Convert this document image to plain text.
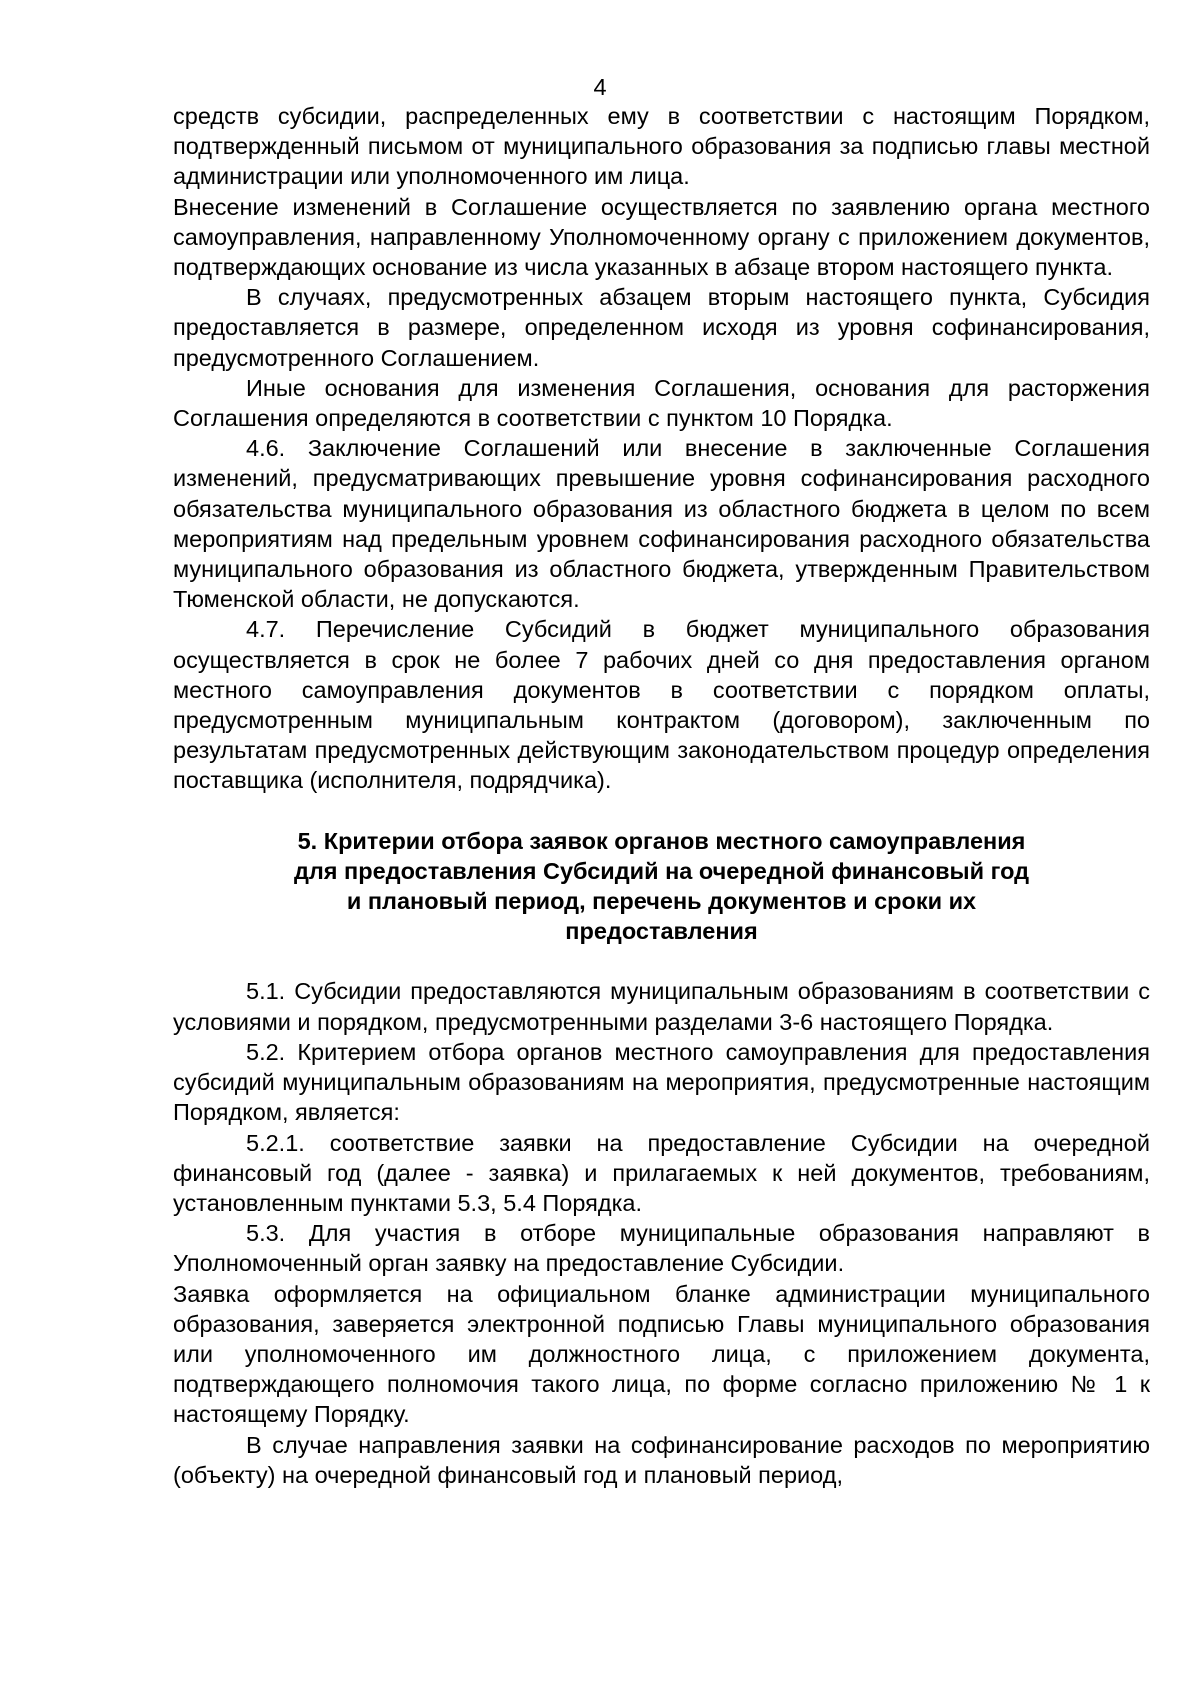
4

средств субсидии, распределенных ему в соответствии с настоящим Порядком, подтвержденный письмом от муниципального образования за подписью главы местной администрации или уполномоченного им лица.

Внесение изменений в Соглашение осуществляется по заявлению органа местного самоуправления, направленному Уполномоченному органу с приложением документов, подтверждающих основание из числа указанных в абзаце втором настоящего пункта.

В случаях, предусмотренных абзацем вторым настоящего пункта, Субсидия предоставляется в размере, определенном исходя из уровня софинансирования, предусмотренного Соглашением.

Иные основания для изменения Соглашения, основания для расторжения Соглашения определяются в соответствии с пунктом 10 Порядка.

4.6. Заключение Соглашений или внесение в заключенные Соглашения изменений, предусматривающих превышение уровня софинансирования расходного обязательства муниципального образования из областного бюджета в целом по всем мероприятиям над предельным уровнем софинансирования расходного обязательства муниципального образования из областного бюджета, утвержденным Правительством Тюменской области, не допускаются.

4.7. Перечисление Субсидий в бюджет муниципального образования осуществляется в срок не более 7 рабочих дней со дня предоставления органом местного самоуправления документов в соответствии с порядком оплаты, предусмотренным муниципальным контрактом (договором), заключенным по результатам предусмотренных действующим законодательством процедур определения поставщика (исполнителя, подрядчика).

5. Критерии отбора заявок органов местного самоуправления
для предоставления Субсидий на очередной финансовый год
и плановый период, перечень документов и сроки их
предоставления

5.1. Субсидии предоставляются муниципальным образованиям в соответствии с условиями и порядком, предусмотренными разделами 3-6 настоящего Порядка.

5.2. Критерием отбора органов местного самоуправления для предоставления субсидий муниципальным образованиям на мероприятия, предусмотренные настоящим Порядком, является:

5.2.1. соответствие заявки на предоставление Субсидии на очередной финансовый год (далее - заявка) и прилагаемых к ней документов, требованиям, установленным пунктами 5.3, 5.4 Порядка.

5.3. Для участия в отборе муниципальные образования направляют в Уполномоченный орган заявку на предоставление Субсидии.

Заявка оформляется на официальном бланке администрации муниципального образования, заверяется электронной подписью Главы муниципального образования или уполномоченного им должностного лица, с приложением документа, подтверждающего полномочия такого лица, по форме согласно приложению № 1 к настоящему Порядку.

В случае направления заявки на софинансирование расходов по мероприятию (объекту) на очередной финансовый год и плановый период,
